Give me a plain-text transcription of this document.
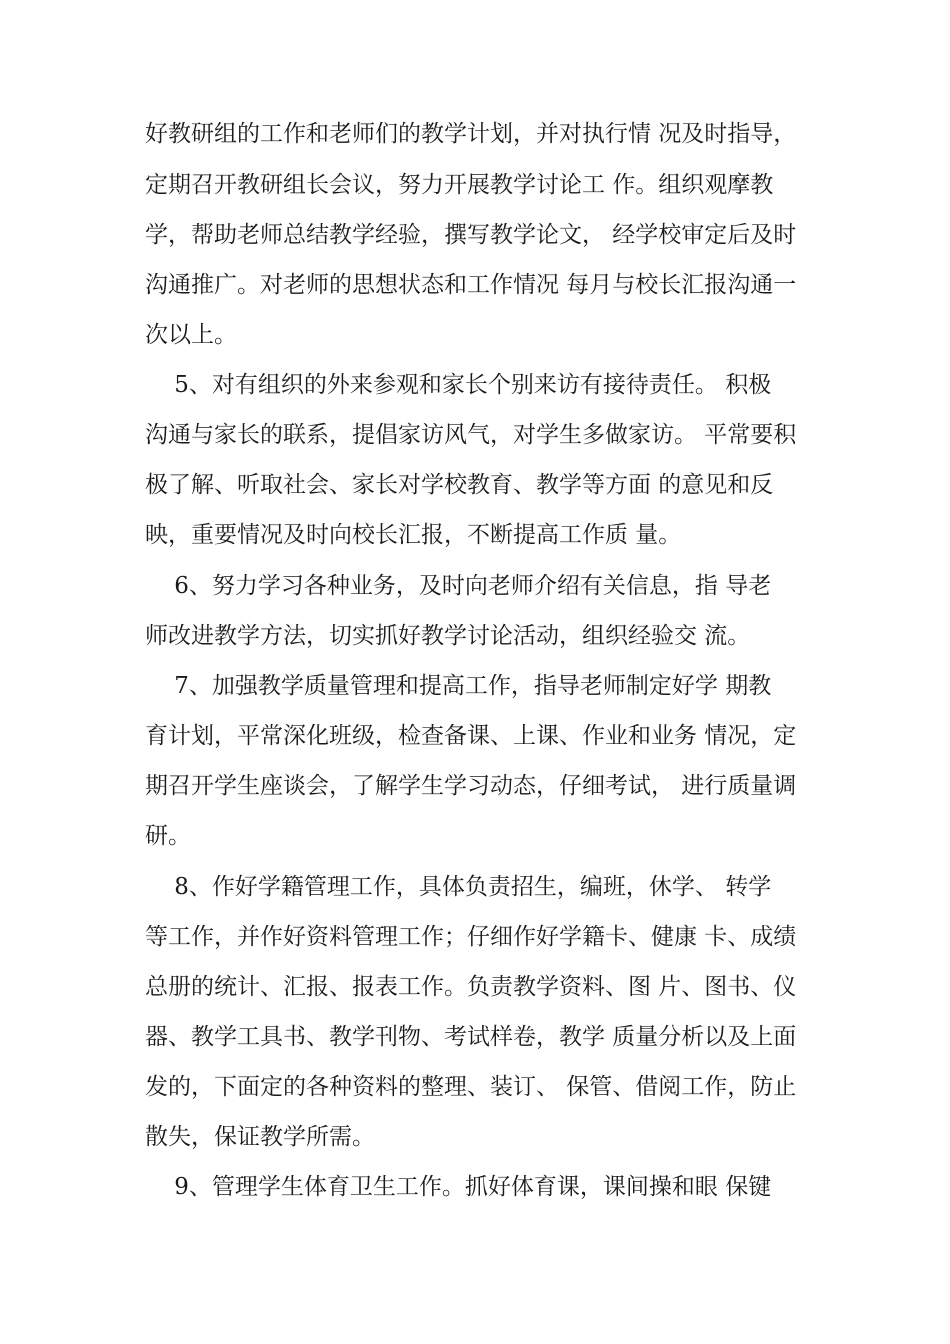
好教研组的工作和老师们的教学计划，并对执行情 况及时指导，
定期召开教研组长会议，努力开展教学讨论工 作。组织观摩教
学，帮助老师总结教学经验，撰写教学论文， 经学校审定后及时
沟通推广。对老师的思想状态和工作情况 每月与校长汇报沟通一
次以上。
5、对有组织的外来参观和家长个别来访有接待责任。 积极
沟通与家长的联系，提倡家访风气，对学生多做家访。 平常要积
极了解、听取社会、家长对学校教育、教学等方面 的意见和反
映，重要情况及时向校长汇报，不断提高工作质 量。
6、努力学习各种业务，及时向老师介绍有关信息，指 导老
师改进教学方法，切实抓好教学讨论活动，组织经验交 流。
7、加强教学质量管理和提高工作，指导老师制定好学 期教
育计划，平常深化班级，检查备课、上课、作业和业务 情况，定
期召开学生座谈会，了解学生学习动态，仔细考试， 进行质量调
研。
8、作好学籍管理工作，具体负责招生，编班，休学、 转学
等工作，并作好资料管理工作；仔细作好学籍卡、健康 卡、成绩
总册的统计、汇报、报表工作。负责教学资料、图 片、图书、仪
器、教学工具书、教学刊物、考试样卷，教学 质量分析以及上面
发的，下面定的各种资料的整理、装订、 保管、借阅工作，防止
散失，保证教学所需。
9、管理学生体育卫生工作。抓好体育课，课间操和眼 保键
